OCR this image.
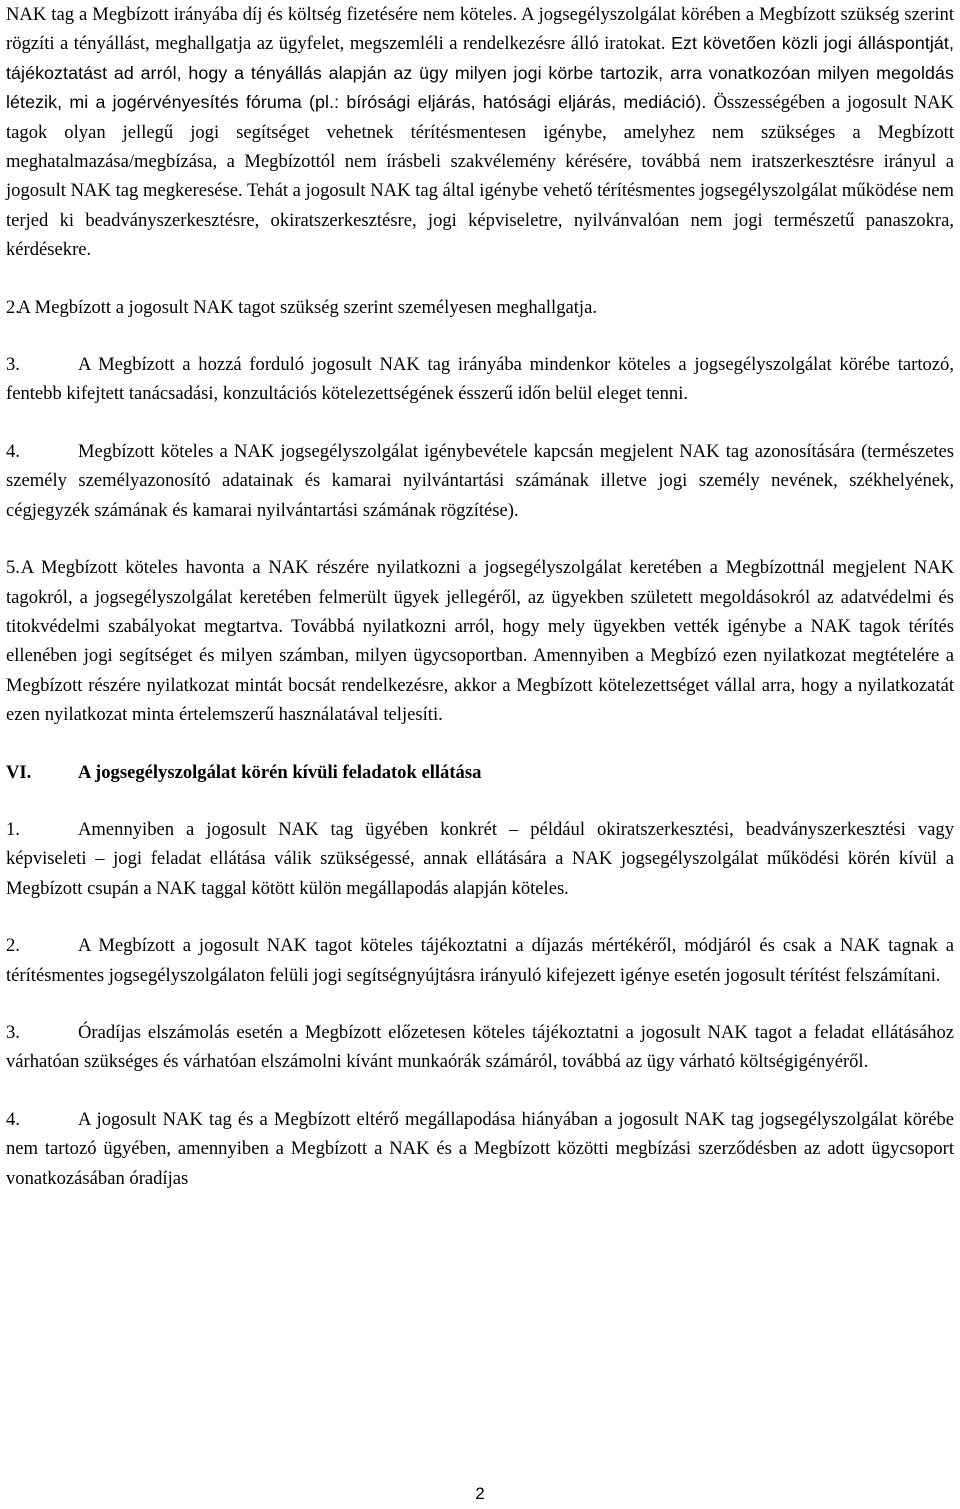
NAK tag a Megbízott irányába díj és költség fizetésére nem köteles. A jogsegélyszolgálat körében a Megbízott szükség szerint rögzíti a tényállást, meghallgatja az ügyfelet, megszemléli a rendelkezésre álló iratokat. Ezt követően közli jogi álláspontját, tájékoztatást ad arról, hogy a tényállás alapján az ügy milyen jogi körbe tartozik, arra vonatkozóan milyen megoldás létezik, mi a jogérvényesítés fóruma (pl.: bírósági eljárás, hatósági eljárás, mediáció). Összességében a jogosult NAK tagok olyan jellegű jogi segítséget vehetnek térítésmentesen igénybe, amelyhez nem szükséges a Megbízott meghatalmazása/megbízása, a Megbízottól nem írásbeli szakvélemény kérésére, továbbá nem iratszerkesztésre irányul a jogosult NAK tag megkeresése. Tehát a jogosult NAK tag által igénybe vehető térítésmentes jogsegélyszolgálat működése nem terjed ki beadványszerkesztésre, okiratszerkesztésre, jogi képviseletre, nyilvánvalóan nem jogi természetű panaszokra, kérdésekre.

2. A Megbízott a jogosult NAK tagot szükség szerint személyesen meghallgatja.

3.	A Megbízott a hozzá forduló jogosult NAK tag irányába mindenkor köteles a jogsegélyszolgálat körébe tartozó, fentebb kifejtett tanácsadási, konzultációs kötelezettségének ésszerű időn belül eleget tenni.

4.	Megbízott köteles a NAK jogsegélyszolgálat igénybevétele kapcsán megjelent NAK tag azonosítására (természetes személy személyazonosító adatainak és kamarai nyilvántartási számának illetve jogi személy nevének, székhelyének, cégjegyzék számának és kamarai nyilvántartási számának rögzítése).

5. A Megbízott köteles havonta a NAK részére nyilatkozni a jogsegélyszolgálat keretében a Megbízottnál megjelent NAK tagokról, a jogsegélyszolgálat keretében felmerült ügyek jellegéről, az ügyekben született megoldásokról az adatvédelmi és titokvédelmi szabályokat megtartva. Továbbá nyilatkozni arról, hogy mely ügyekben vették igénybe a NAK tagok térítés ellenében jogi segítséget és milyen számban, milyen ügycsoportban. Amennyiben a Megbízó ezen nyilatkozat megtételére a Megbízott részére nyilatkozat mintát bocsát rendelkezésre, akkor a Megbízott kötelezettséget vállal arra, hogy a nyilatkozatát ezen nyilatkozat minta értelemszerű használatával teljesíti.

VI.	A jogsegélyszolgálat körén kívüli feladatok ellátása

1.	Amennyiben a jogosult NAK tag ügyében konkrét – például okiratszerkesztési, beadványszerkesztési vagy képviseleti – jogi feladat ellátása válik szükségessé, annak ellátására a NAK jogsegélyszolgálat működési körén kívül a Megbízott csupán a NAK taggal kötött külön megállapodás alapján köteles.

2.	A Megbízott a jogosult NAK tagot köteles tájékoztatni a díjazás mértékéről, módjáról és csak a NAK tagnak a térítésmentes jogsegélyszolgálaton felüli jogi segítségnyújtásra irányuló kifejezett igénye esetén jogosult térítést felszámítani.

3.	Óradíjas elszámolás esetén a Megbízott előzetesen köteles tájékoztatni a jogosult NAK tagot a feladat ellátásához várhatóan szükséges és várhatóan elszámolni kívánt munkaórák számáról, továbbá az ügy várható költségigényéről.

4.	A jogosult NAK tag és a Megbízott eltérő megállapodása hiányában a jogosult NAK tag jogsegélyszolgálat körébe nem tartozó ügyében, amennyiben a Megbízott a NAK és a Megbízott közötti megbízási szerződésben az adott ügycsoport vonatkozásában óradíjas

2
